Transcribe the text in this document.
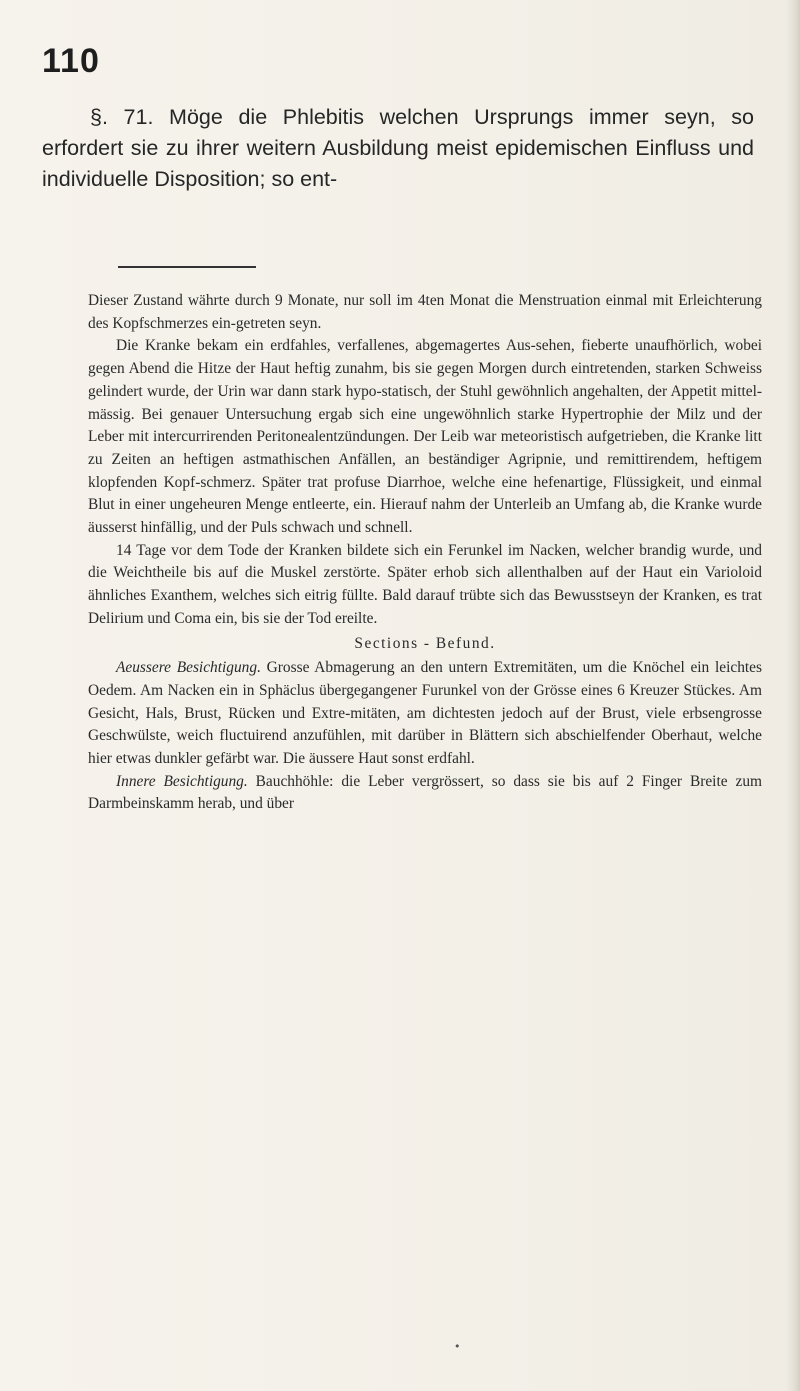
110

§. 71. Möge die Phlebitis welchen Ursprungs immer seyn, so erfordert sie zu ihrer weitern Ausbildung meist epidemischen Einfluss und individuelle Disposition; so ent-

Dieser Zustand währte durch 9 Monate, nur soll im 4ten Monat die Menstruation einmal mit Erleichterung des Kopfschmerzes ein-getreten seyn.

Die Kranke bekam ein erdfahles, verfallenes, abgemagertes Aus-sehen, fieberte unaufhörlich, wobei gegen Abend die Hitze der Haut heftig zunahm, bis sie gegen Morgen durch eintretenden, starken Schweiss gelindert wurde, der Urin war dann stark hypo-statisch, der Stuhl gewöhnlich angehalten, der Appetit mittel-mässig. Bei genauer Untersuchung ergab sich eine ungewöhnlich starke Hypertrophie der Milz und der Leber mit intercurrirenden Peritonealentzündungen. Der Leib war meteoristisch aufgetrieben, die Kranke litt zu Zeiten an heftigen astmathischen Anfällen, an beständiger Agripnie, und remittirendem, heftigem klopfenden Kopf-schmerz. Später trat profuse Diarrhoe, welche eine hefenartige, Flüssigkeit, und einmal Blut in einer ungeheuren Menge entleerte, ein. Hierauf nahm der Unterleib an Umfang ab, die Kranke wurde äusserst hinfällig, und der Puls schwach und schnell.

14 Tage vor dem Tode der Kranken bildete sich ein Ferunkel im Nacken, welcher brandig wurde, und die Weichtheile bis auf die Muskel zerstörte. Später erhob sich allenthalben auf der Haut ein Varioloid ähnliches Exanthem, welches sich eitrig füllte. Bald darauf trübte sich das Bewusstseyn der Kranken, es trat Delirium und Coma ein, bis sie der Tod ereilte.

Sections - Befund.

Aeussere Besichtigung. Grosse Abmagerung an den untern Extremitäten, um die Knöchel ein leichtes Oedem. Am Nacken ein in Sphäclus übergegangener Furunkel von der Grösse eines 6 Kreuzer Stückes. Am Gesicht, Hals, Brust, Rücken und Extre-mitäten, am dichtesten jedoch auf der Brust, viele erbsengrosse Geschwülste, weich fluctuirend anzufühlen, mit darüber in Blättern sich abschielfender Oberhaut, welche hier etwas dunkler gefärbt war. Die äussere Haut sonst erdfahl.

Innere Besichtigung. Bauchhöhle: die Leber vergrössert, so dass sie bis auf 2 Finger Breite zum Darmbeinskamm herab, und über

•
